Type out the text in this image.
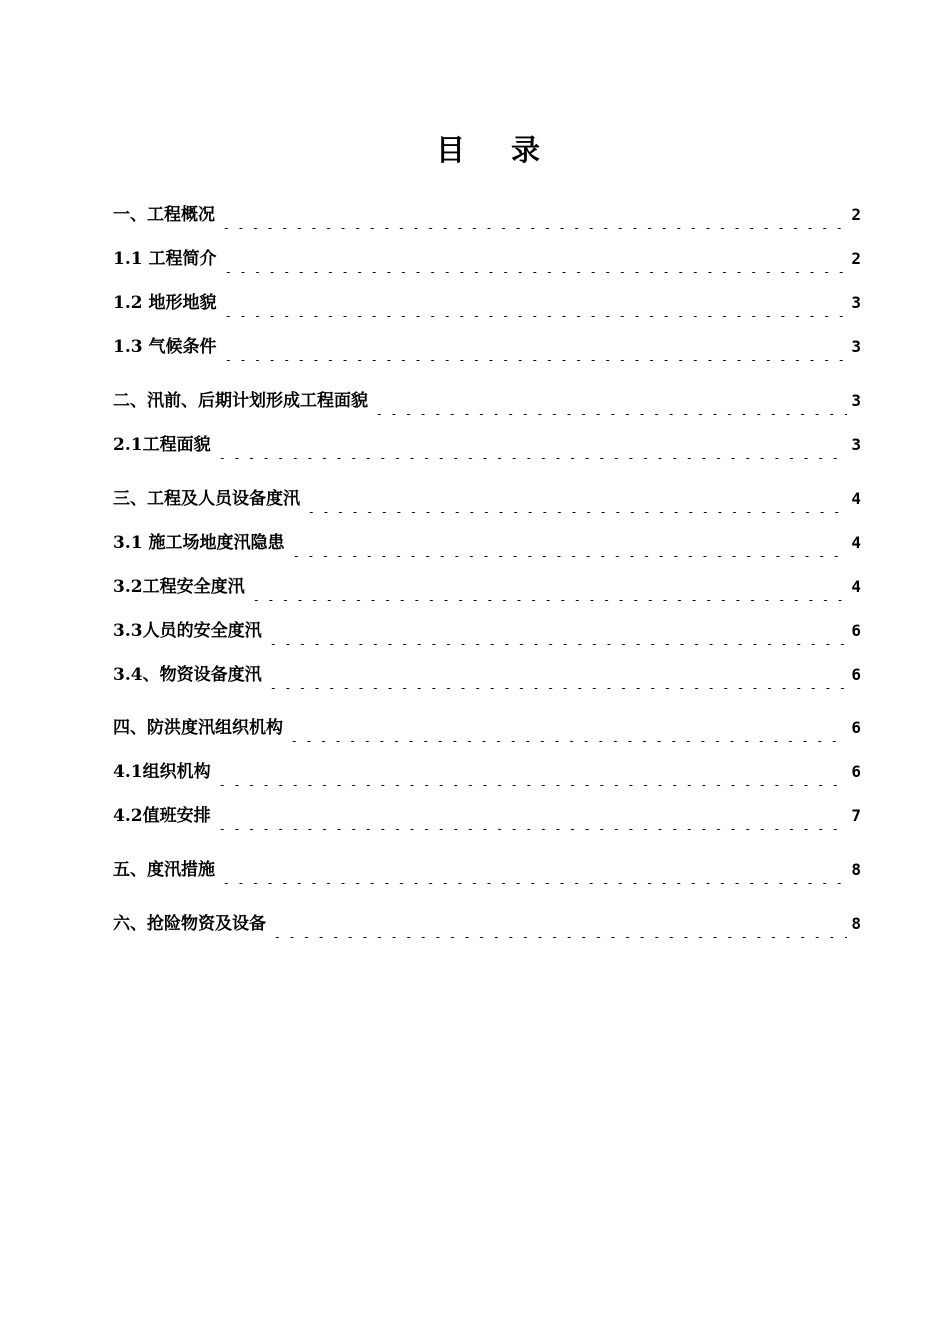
目 录
一、工程概况	2
1.1 工程简介	2
1.2 地形地貌	3
1.3 气候条件	3
二、汛前、后期计划形成工程面貌	3
2.1工程面貌	3
三、工程及人员设备度汛	4
3.1 施工场地度汛隐患	4
3.2工程安全度汛	4
3.3人员的安全度汛	6
3.4、物资设备度汛	6
四、防洪度汛组织机构	6
4.1组织机构	6
4.2值班安排	7
五、度汛措施	8
六、抢险物资及设备	8
